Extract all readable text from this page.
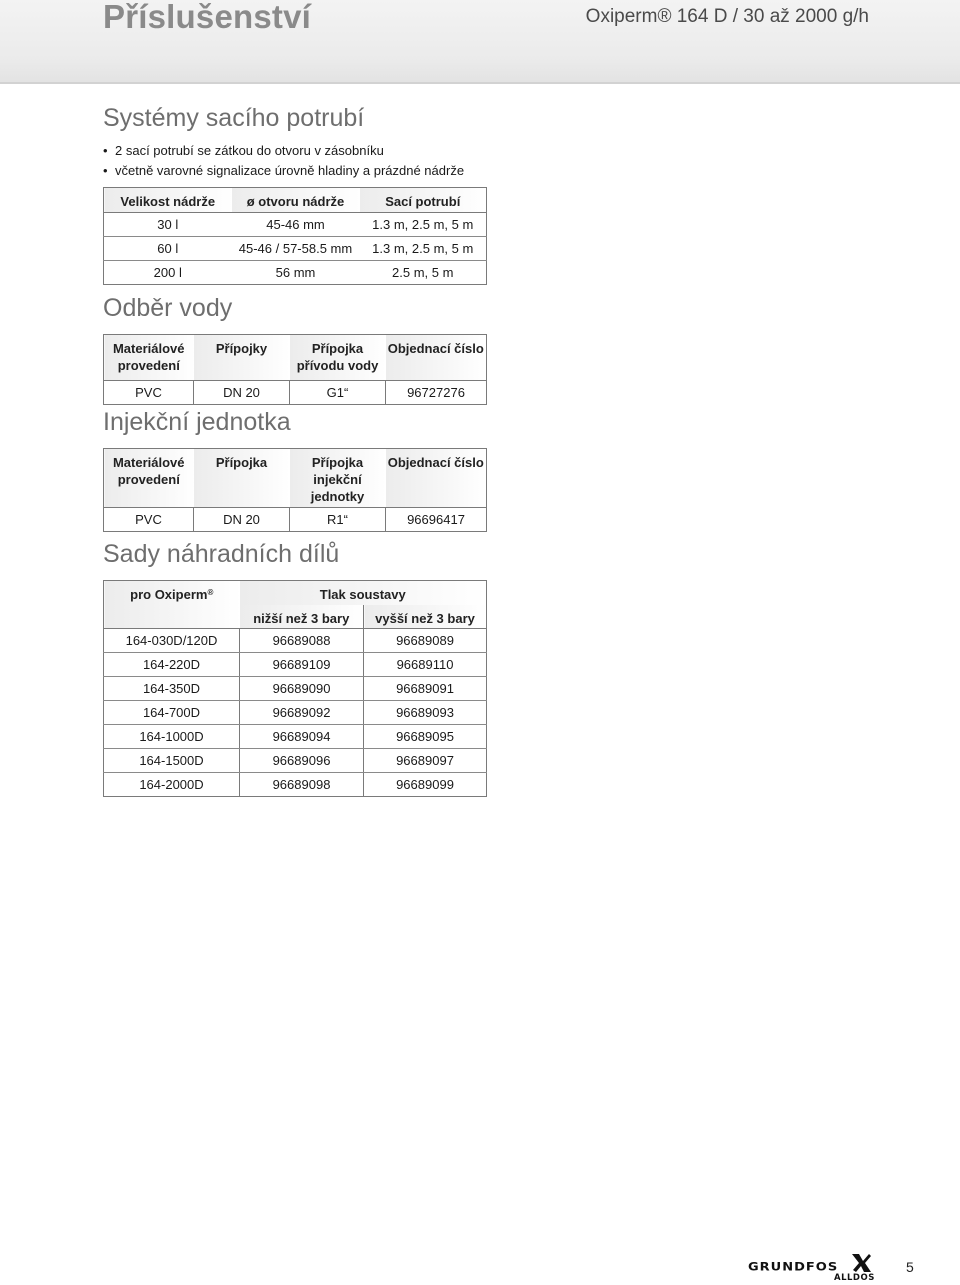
Příslušenství	Oxiperm® 164 D / 30 až 2000 g/h
Systémy sacího potrubí
• 2 sací potrubí se zátkou do otvoru v zásobníku
• včetně varovné signalizace úrovně hladiny a prázdné nádrže
Velikost nádrže	ø otvoru nádrže	Sací potrubí
30 l	45-46 mm	1.3 m, 2.5 m, 5 m
60 l	45-46 / 57-58.5 mm	1.3 m, 2.5 m, 5 m
200 l	56 mm	2.5 m, 5 m
Odběr vody
Materiálové provedení	Přípojky	Přípojka přívodu vody	Objednací číslo
PVC	DN 20	G1“	96727276
Injekční jednotka
Materiálové provedení	Přípojka	Přípojka injekční jednotky	Objednací číslo
PVC	DN 20	R1“	96696417
Sady náhradních dílů
pro Oxiperm®	Tlak soustavy	
	nižší než 3 bary	vyšší než 3 bary
164-030D/120D	96689088	96689089
164-220D	96689109	96689110
164-350D	96689090	96689091
164-700D	96689092	96689093
164-1000D	96689094	96689095
164-1500D	96689096	96689097
164-2000D	96689098	96689099
GRUNDFOS
ALLDOS

5
